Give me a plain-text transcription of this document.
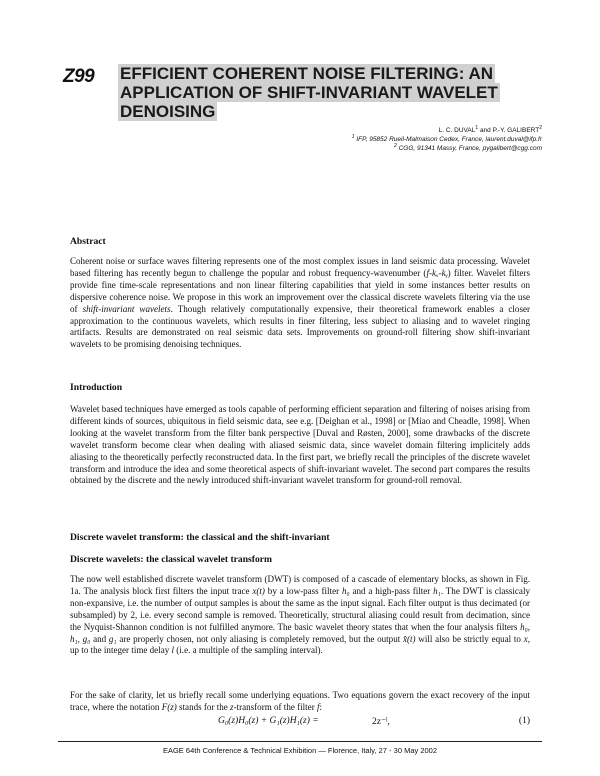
Z99 EFFICIENT COHERENT NOISE FILTERING: AN
APPLICATION OF SHIFT-INVARIANT WAVELET
DENOISING
L. C. DUVAL$^1$ and P.-Y. GALIBERT$^2$
$^1$ IFP, 95852 Rueil-Malmaison Cedex, France, laurent.duval@ifp.fr
$^2$ CGG, 91341 Massy, France, pygalibert@cgg.com
Abstract
Coherent noise or surface waves filtering represents one of the most complex issues in land seismic data processing. Wavelet based filtering has recently begun to challenge the popular and robust frequency-wavenumber (f-kₓ-kᵧ) filter. Wavelet filters provide fine time-scale representations and non linear filtering capabilities that yield in some instances better results on dispersive coherence noise. We propose in this work an improvement over the classical discrete wavelets filtering via the use of shift-invariant wavelets. Though relatively computationally expensive, their theoretical framework enables a closer approximation to the continuous wavelets, which results in finer filtering, less subject to aliasing and to wavelet ringing artifacts. Results are demonstrated on real seismic data sets. Improvements on ground-roll filtering show shift-invariant wavelets to be promising denoising techniques.
Introduction
Wavelet based techniques have emerged as tools capable of performing efficient separation and filtering of noises arising from different kinds of sources, ubiquitous in field seismic data, see e.g. [Deighan et al., 1998] or [Miao and Cheadle, 1998]. When looking at the wavelet transform from the filter bank perspective [Duval and Røsten, 2000], some drawbacks of the discrete wavelet transform become clear when dealing with aliased seismic data, since wavelet domain filtering implicitely adds aliasing to the theoretically perfectly reconstructed data. In the first part, we briefly recall the principles of the discrete wavelet transform and introduce the idea and some theoretical aspects of shift-invariant wavelet. The second part compares the results obtained by the discrete and the newly introduced shift-invariant wavelet transform for ground-roll removal.
Discrete wavelet transform: the classical and the shift-invariant
Discrete wavelets: the classical wavelet transform
The now well established discrete wavelet transform (DWT) is composed of a cascade of elementary blocks, as shown in Fig. 1a. The analysis block first filters the input trace x(t) by a low-pass filter h₀ and a high-pass filter h₁. The DWT is classicaly non-expansive, i.e. the number of output samples is about the same as the input signal. Each filter output is thus decimated (or subsampled) by 2, i.e. every second sample is removed. Theoretically, structural aliasing could result from decimation, since the Nyquist-Shannon condition is not fulfilled anymore. The basic wavelet theory states that when the four analysis filters h₀, h₁, g₀ and g₁ are properly chosen, not only aliasing is completely removed, but the output x̂(t) will also be strictly equal to x, up to the integer time delay l (i.e. a multiple of the sampling interval).
For the sake of clarity, let us briefly recall some underlying equations. Two equations govern the exact recovery of the input trace, where the notation F(z) stands for the z-transform of the filter f:
G₀(z)H₀(z) + G₁(z)H₁(z) =	2z⁻ˡ,	(1)
EAGE 64th Conference & Technical Exhibition — Florence, Italy, 27 - 30 May 2002
